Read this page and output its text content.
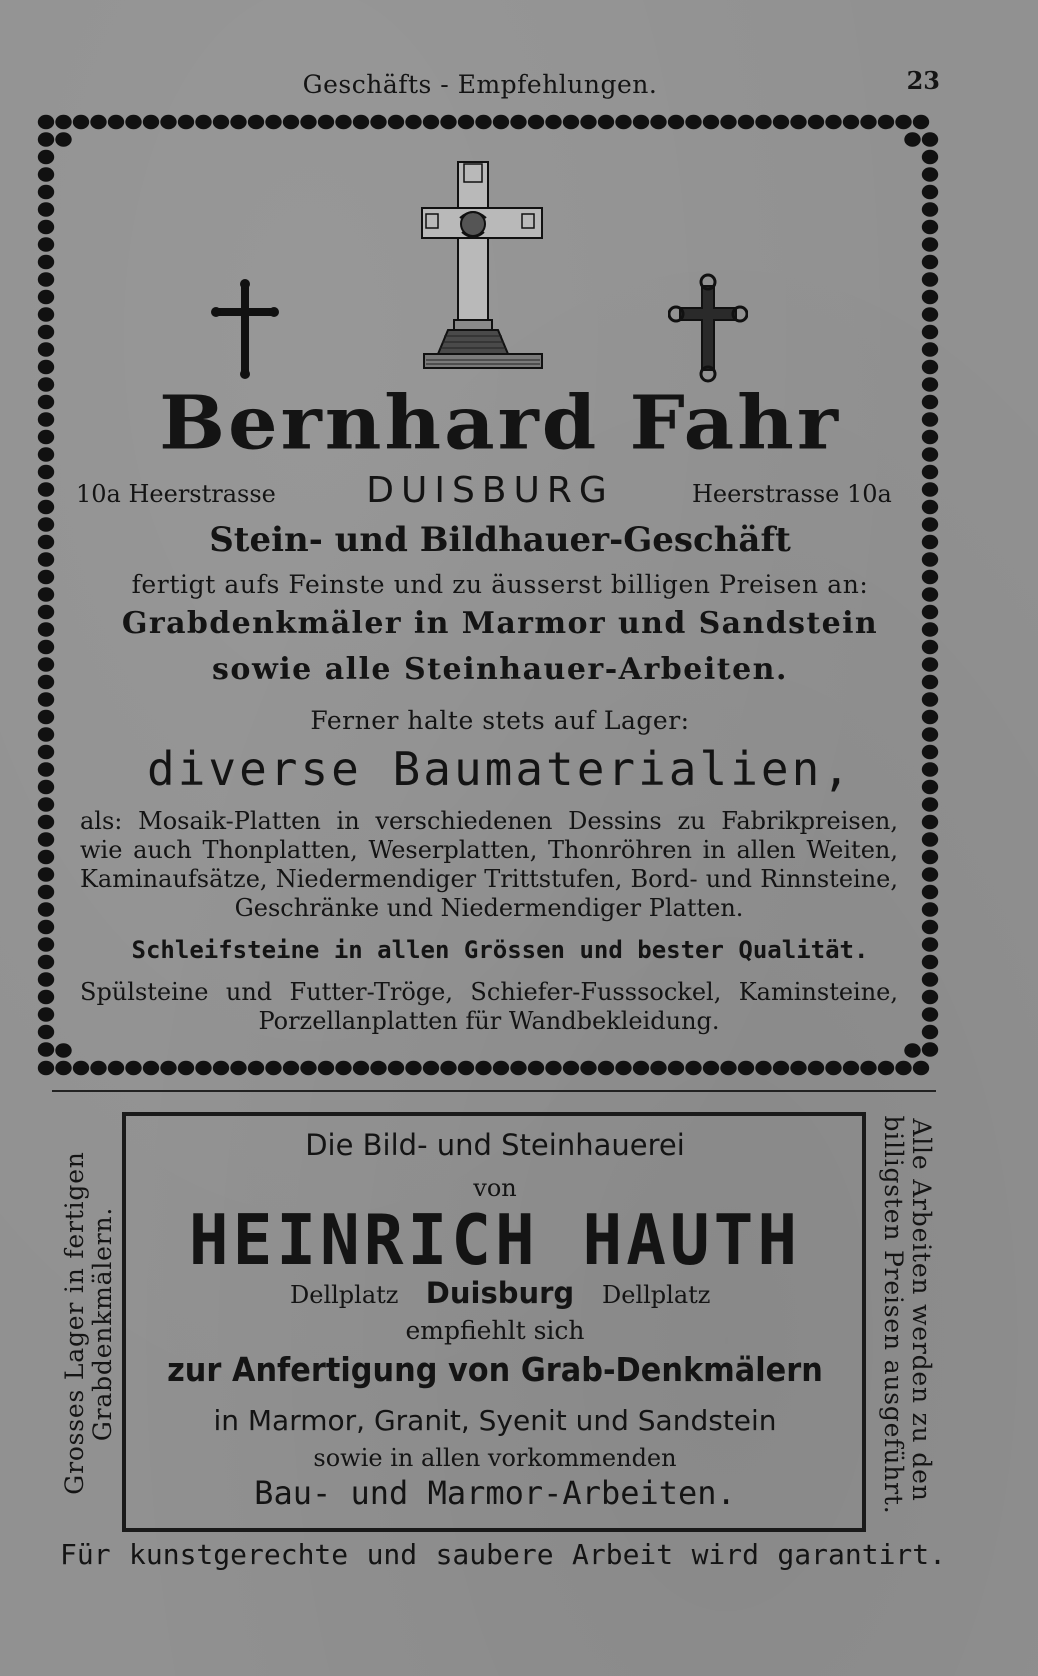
Geschäfts - Empfehlungen.	23
Bernhard Fahr
10a Heerstrasse	DUISBURG	Heerstrasse 10a
Stein- und Bildhauer-Geschäft
fertigt aufs Feinste und zu äusserst billigen Preisen an:
Grabdenkmäler in Marmor und Sandstein
sowie alle Steinhauer-Arbeiten.
Ferner halte stets auf Lager:
diverse Baumaterialien,
als: Mosaik-Platten in verschiedenen Dessins zu Fabrikpreisen,
wie auch Thonplatten, Weserplatten, Thonröhren in allen Weiten,
Kaminaufsätze, Niedermendiger Trittstufen, Bord- und Rinnsteine,
Geschränke und Niedermendiger Platten.
Schleifsteine in allen Grössen und bester Qualität.
Spülsteine und Futter-Tröge, Schiefer-Fusssockel, Kaminsteine,
Porzellanplatten für Wandbekleidung.
Die Bild- und Steinhauerei
von
HEINRICH HAUTH
Dellplatz Duisburg Dellplatz
empfiehlt sich
zur Anfertigung von Grab-Denkmälern
in Marmor, Granit, Syenit und Sandstein
sowie in allen vorkommenden
Bau- und Marmor-Arbeiten.
Grosses Lager in fertigen Grabdenkmälern.	Alle Arbeiten werden zu den
billigsten Preisen ausgeführt.
Für kunstgerechte und saubere Arbeit wird garantirt.
